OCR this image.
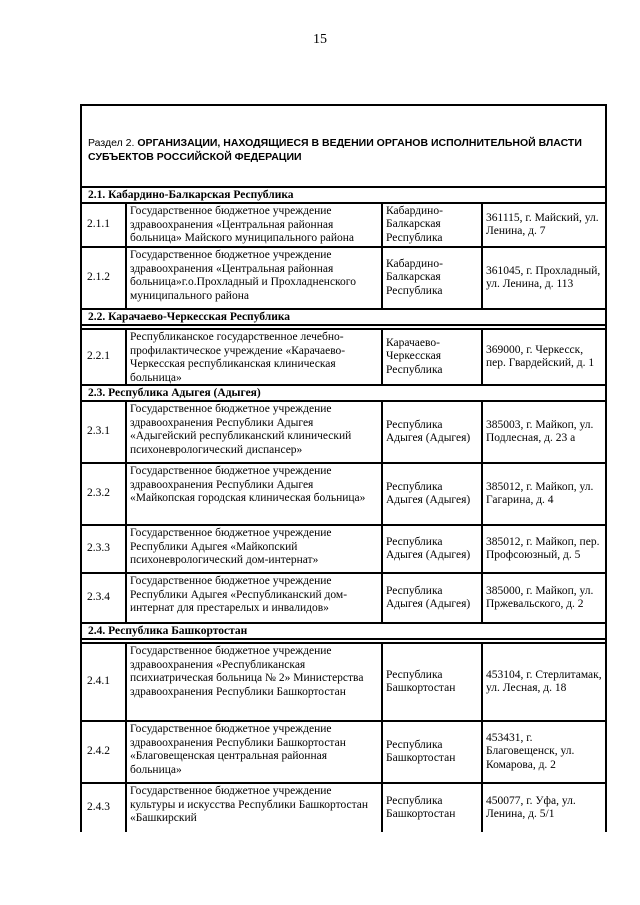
15
Раздел 2. ОРГАНИЗАЦИИ, НАХОДЯЩИЕСЯ В ВЕДЕНИИ ОРГАНОВ ИСПОЛНИТЕЛЬНОЙ ВЛАСТИ СУБЪЕКТОВ РОССИЙСКОЙ ФЕДЕРАЦИИ
2.1. Кабардино-Балкарская Республика
2.1.1
Государственное бюджетное учреждение здравоохранения «Центральная районная больница» Майского муниципального района
Кабардино-Балкарская Республика
361115, г. Майский, ул. Ленина, д. 7
2.1.2
Государственное бюджетное учреждение здравоохранения «Центральная районная больница»г.о.Прохладный и Прохладненского муниципального района
Кабардино-Балкарская Республика
361045, г. Прохладный, ул. Ленина, д. 113
2.2. Карачаево-Черкесская Республика
2.2.1
Республиканское государственное лечебно-профилактическое учреждение «Карачаево-Черкесская республиканская клиническая больница»
Карачаево-Черкесская Республика
369000, г. Черкесск, пер. Гвардейский, д. 1
2.3. Республика Адыгея (Адыгея)
2.3.1
Государственное бюджетное учреждение здравоохранения Республики Адыгея «Адыгейский республиканский клинический психоневрологический диспансер»
Республика Адыгея (Адыгея)
385003, г. Майкоп, ул. Подлесная, д. 23 а
2.3.2
Государственное бюджетное учреждение здравоохранения Республики Адыгея «Майкопская городская клиническая больница»
Республика Адыгея (Адыгея)
385012, г. Майкоп, ул. Гагарина, д. 4
2.3.3
Государственное бюджетное учреждение Республики Адыгея «Майкопский психоневрологический дом-интернат»
Республика Адыгея (Адыгея)
385012, г. Майкоп, пер. Профсоюзный, д. 5
2.3.4
Государственное бюджетное учреждение Республики Адыгея «Республиканский дом-интернат для престарелых и инвалидов»
Республика Адыгея (Адыгея)
385000, г. Майкоп, ул. Пржевальского, д. 2
2.4. Республика Башкортостан
2.4.1
Государственное бюджетное учреждение здравоохранения «Республиканская психиатрическая больница № 2» Министерства здравоохранения Республики Башкортостан
Республика Башкортостан
453104, г. Стерлитамак, ул. Лесная, д. 18
2.4.2
Государственное бюджетное учреждение здравоохранения Республики Башкортостан «Благовещенская центральная районная больница»
Республика Башкортостан
453431, г. Благовещенск, ул. Комарова, д. 2
2.4.3
Государственное бюджетное учреждение культуры и искусства Республики Башкортостан «Башкирский
Республика Башкортостан
450077, г. Уфа, ул. Ленина, д. 5/1
